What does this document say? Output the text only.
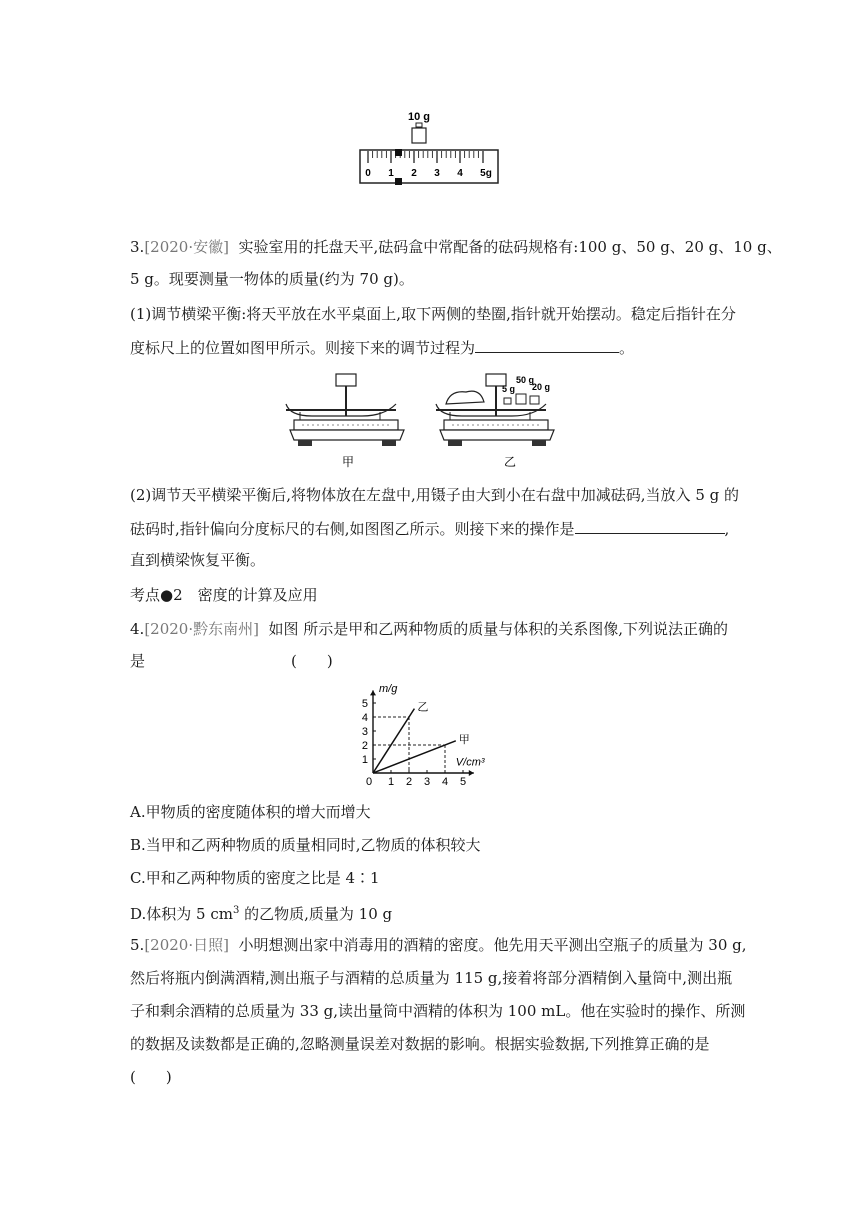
10 g
0 1 2 3 4 5g
3.[2020·安徽] 实验室用的托盘天平,砝码盒中常配备的砝码规格有:100 g、50 g、20 g、10 g、
5 g。现要测量一物体的质量(约为 70 g)。
(1)调节横梁平衡:将天平放在水平桌面上,取下两侧的垫圈,指针就开始摆动。稳定后指针在分
度标尺上的位置如图甲所示。则接下来的调节过程为	。
50 g
5 g 20 g
甲	乙
(2)调节天平横梁平衡后,将物体放在左盘中,用镊子由大到小在右盘中加减砝码,当放入 5 g 的
砝码时,指针偏向分度标尺的右侧,如图图乙所示。则接下来的操作是	,
直到横梁恢复平衡。
考点●2　密度的计算及应用
4.[2020·黔东南州] 如图 所示是甲和乙两种物质的质量与体积的关系图像,下列说法正确的
是	(　　)
0 1 2 3 4 5
1
2
3
4
5
V/cm³
m/g
乙
甲
A.甲物质的密度随体积的增大而增大
B.当甲和乙两种物质的质量相同时,乙物质的体积较大
C.甲和乙两种物质的密度之比是 4∶1
D.体积为 5 $cm^3$ 的乙物质,质量为 10 g
5.[2020·日照] 小明想测出家中消毒用的酒精的密度。他先用天平测出空瓶子的质量为 30 g,
然后将瓶内倒满酒精,测出瓶子与酒精的总质量为 115 g,接着将部分酒精倒入量筒中,测出瓶
子和剩余酒精的总质量为 33 g,读出量筒中酒精的体积为 100 mL。他在实验时的操作、所测
的数据及读数都是正确的,忽略测量误差对数据的影响。根据实验数据,下列推算正确的是
(　　)
